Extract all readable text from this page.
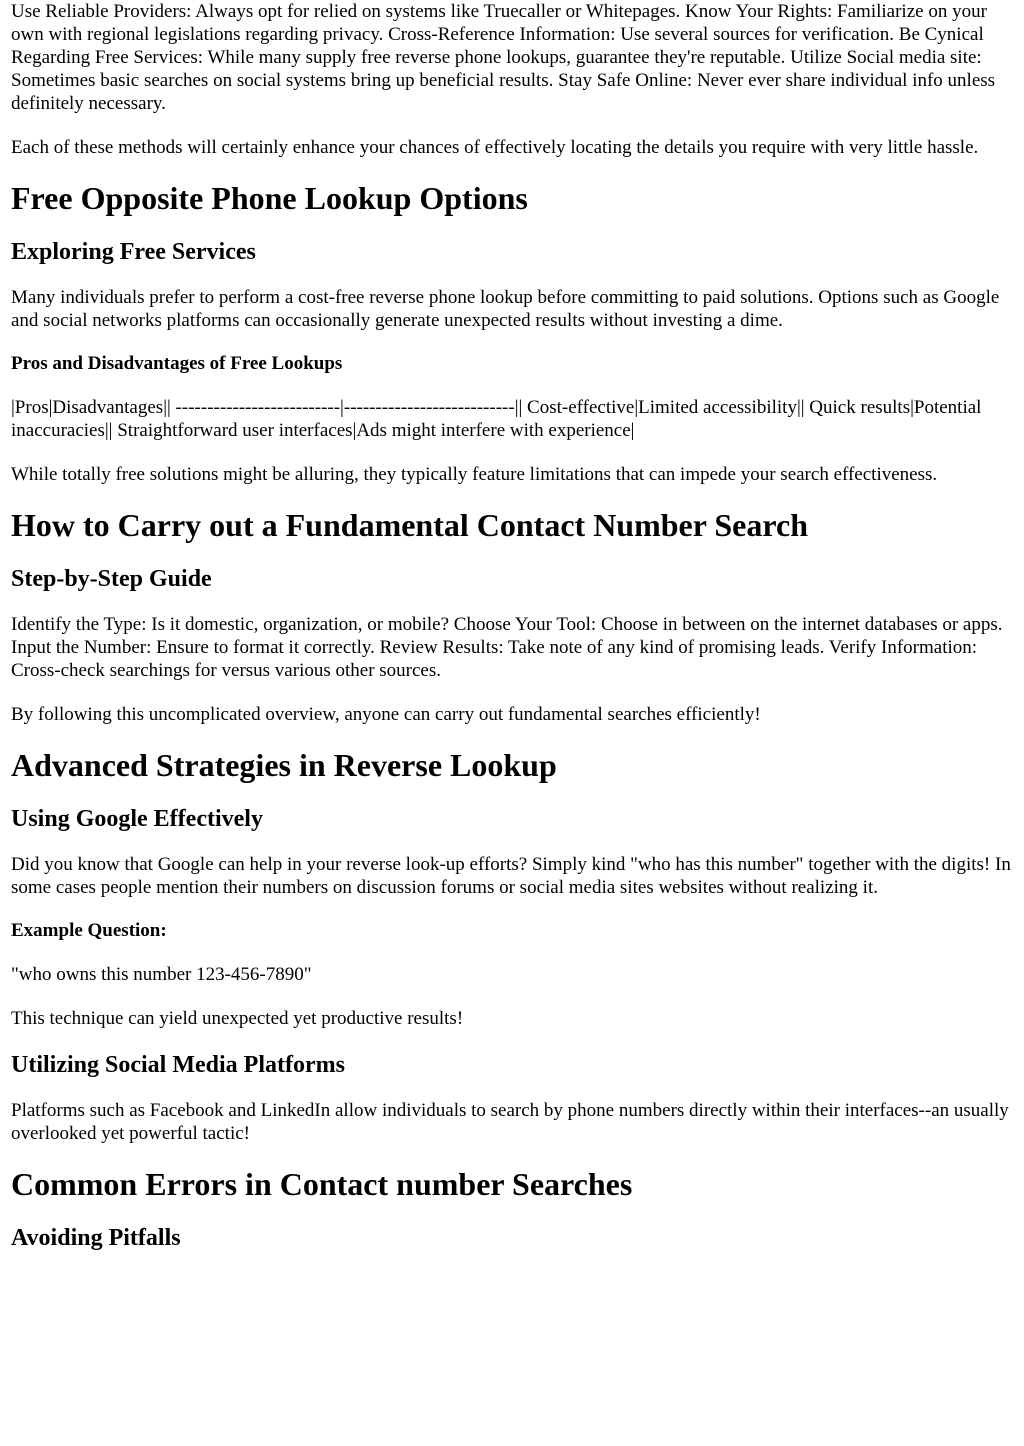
Use Reliable Providers: Always opt for relied on systems like Truecaller or Whitepages. Know Your Rights: Familiarize on your own with regional legislations regarding privacy. Cross-Reference Information: Use several sources for verification. Be Cynical Regarding Free Services: While many supply free reverse phone lookups, guarantee they're reputable. Utilize Social media site: Sometimes basic searches on social systems bring up beneficial results. Stay Safe Online: Never ever share individual info unless definitely necessary.

Each of these methods will certainly enhance your chances of effectively locating the details you require with very little hassle.

Free Opposite Phone Lookup Options
Exploring Free Services

Many individuals prefer to perform a cost-free reverse phone lookup before committing to paid solutions. Options such as Google and social networks platforms can occasionally generate unexpected results without investing a dime.

Pros and Disadvantages of Free Lookups

|Pros|Disadvantages|| --------------------------|---------------------------|| Cost-effective|Limited accessibility|| Quick results|Potential inaccuracies|| Straightforward user interfaces|Ads might interfere with experience|

While totally free solutions might be alluring, they typically feature limitations that can impede your search effectiveness.

How to Carry out a Fundamental Contact Number Search
Step-by-Step Guide

Identify the Type: Is it domestic, organization, or mobile? Choose Your Tool: Choose in between on the internet databases or apps. Input the Number: Ensure to format it correctly. Review Results: Take note of any kind of promising leads. Verify Information: Cross-check searchings for versus various other sources.

By following this uncomplicated overview, anyone can carry out fundamental searches efficiently!

Advanced Strategies in Reverse Lookup
Using Google Effectively

Did you know that Google can help in your reverse look-up efforts? Simply kind "who has this number" together with the digits! In some cases people mention their numbers on discussion forums or social media sites websites without realizing it.

Example Question:

"who owns this number 123-456-7890"

This technique can yield unexpected yet productive results!

Utilizing Social Media Platforms

Platforms such as Facebook and LinkedIn allow individuals to search by phone numbers directly within their interfaces--an usually overlooked yet powerful tactic!

Common Errors in Contact number Searches
Avoiding Pitfalls
